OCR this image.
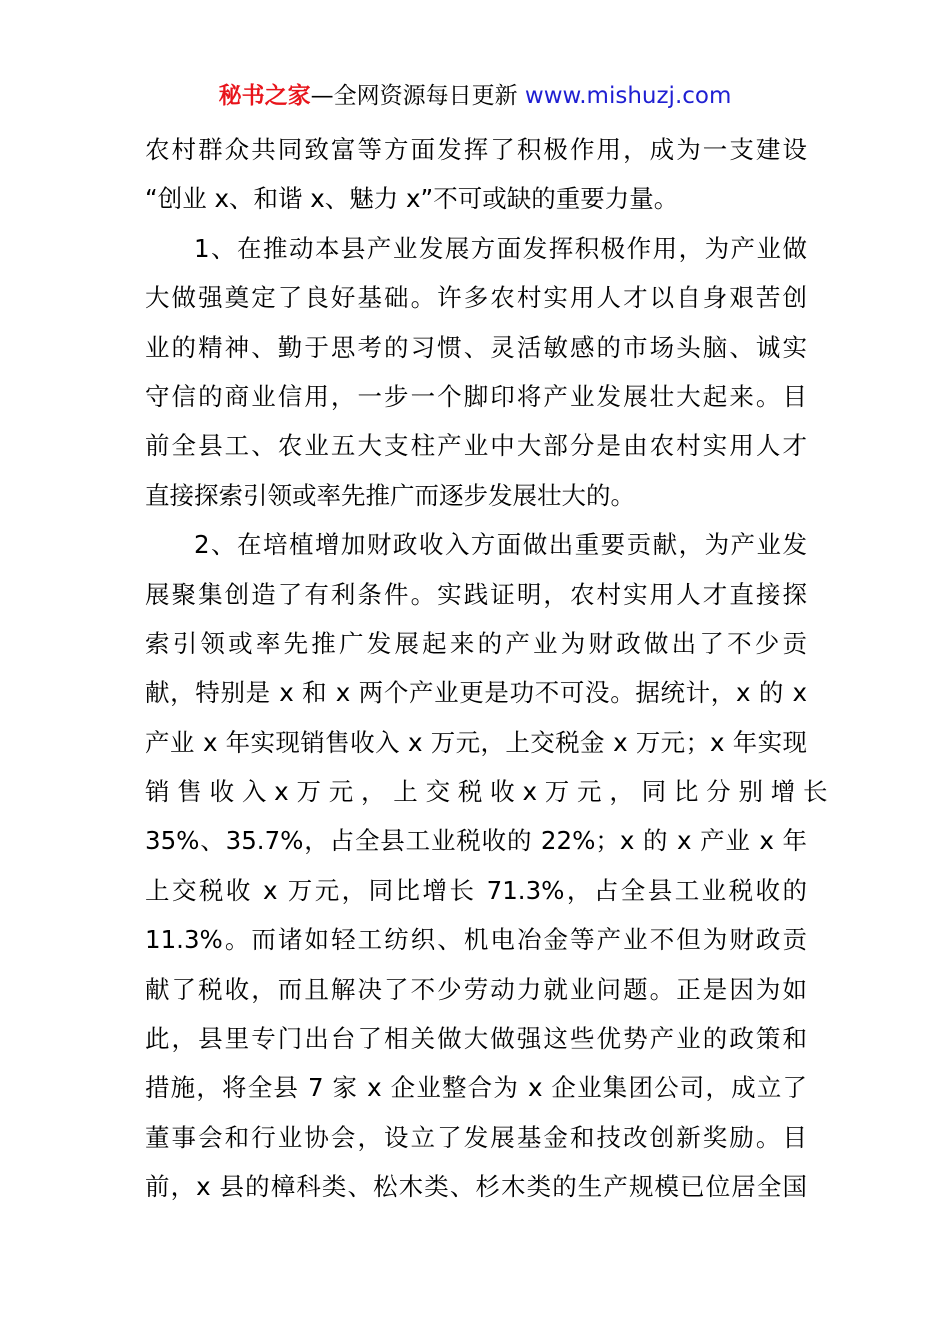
秘书之家—全网资源每日更新 www.mishuzj.com
农村群众共同致富等方面发挥了积极作用，成为一支建设
“创业 x、和谐 x、魅力 x”不可或缺的重要力量。
1、在推动本县产业发展方面发挥积极作用，为产业做
大做强奠定了良好基础。许多农村实用人才以自身艰苦创
业的精神、勤于思考的习惯、灵活敏感的市场头脑、诚实
守信的商业信用，一步一个脚印将产业发展壮大起来。目
前全县工、农业五大支柱产业中大部分是由农村实用人才
直接探索引领或率先推广而逐步发展壮大的。
2、在培植增加财政收入方面做出重要贡献，为产业发
展聚集创造了有利条件。实践证明，农村实用人才直接探
索引领或率先推广发展起来的产业为财政做出了不少贡
献，特别是 x 和 x 两个产业更是功不可没。据统计，x 的 x
产业 x 年实现销售收入 x 万元，上交税金 x 万元；x 年实现
销 售 收 入 x 万 元 ， 上 交 税 收 x 万 元 ， 同 比 分 别 增 长
35%、35.7%，占全县工业税收的 22%；x 的 x 产业 x 年
上交税收 x 万元，同比增长 71.3%，占全县工业税收的
11.3%。而诸如轻工纺织、机电冶金等产业不但为财政贡
献了税收，而且解决了不少劳动力就业问题。正是因为如
此，县里专门出台了相关做大做强这些优势产业的政策和
措施，将全县 7 家 x 企业整合为 x 企业集团公司，成立了
董事会和行业协会，设立了发展基金和技改创新奖励。目
前，x 县的樟科类、松木类、杉木类的生产规模已位居全国
